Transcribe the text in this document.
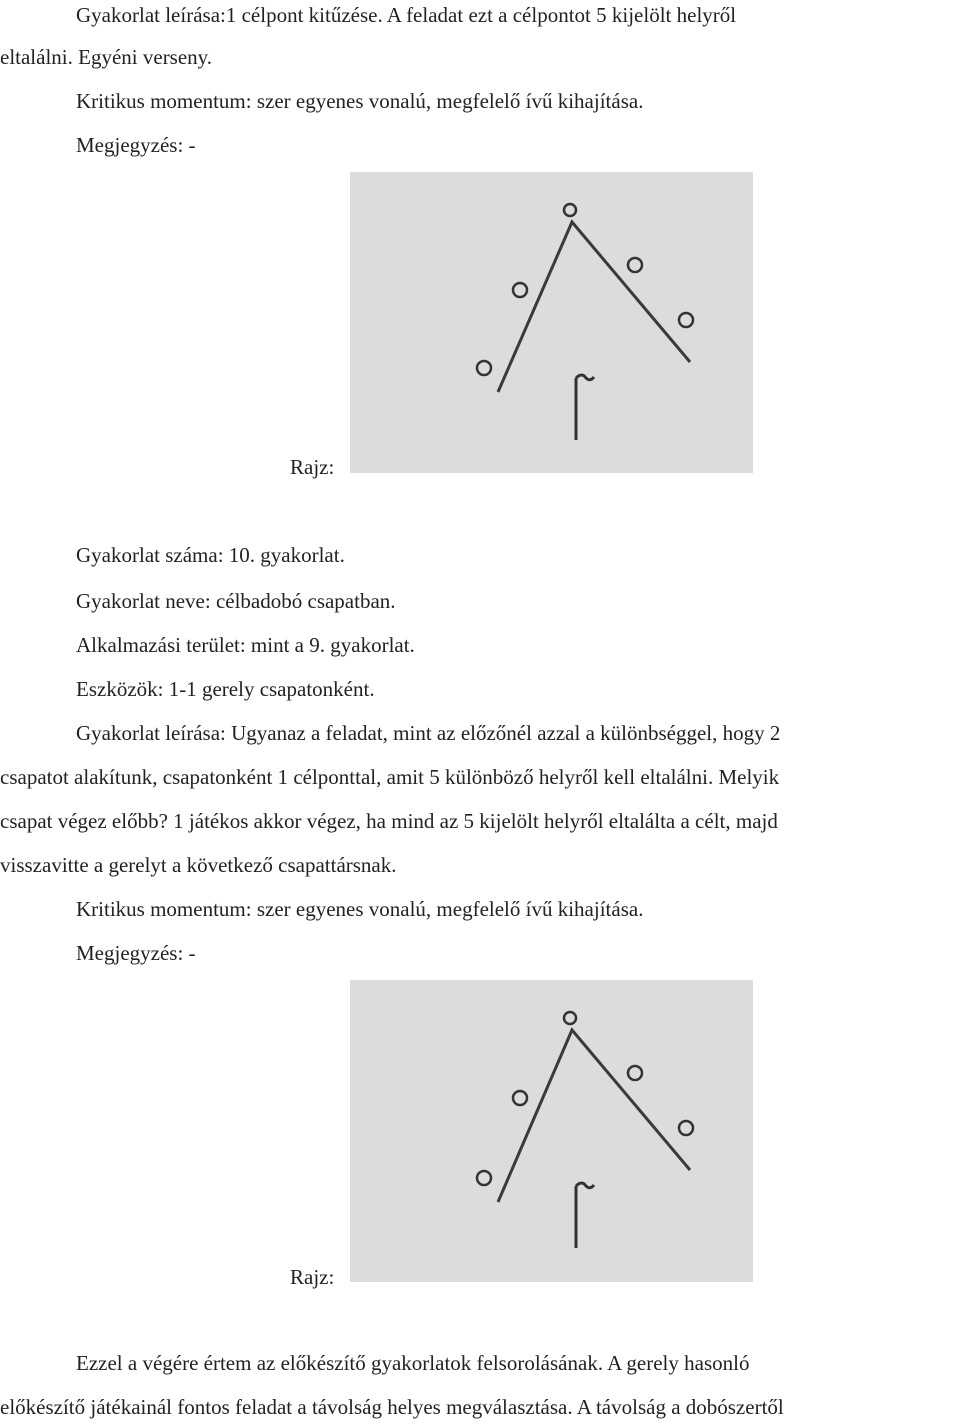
Gyakorlat leírása:1 célpont kitűzése. A feladat ezt a célpontot 5 kijelölt helyről
eltalálni. Egyéni verseny.
Kritikus momentum: szer egyenes vonalú, megfelelő ívű kihajítása.
Megjegyzés: -
Rajz:
Gyakorlat száma: 10. gyakorlat.
Gyakorlat neve: célbadobó csapatban.
Alkalmazási terület: mint a 9. gyakorlat.
Eszközök: 1-1 gerely csapatonként.
Gyakorlat leírása: Ugyanaz a feladat, mint az előzőnél azzal a különbséggel, hogy 2
csapatot alakítunk, csapatonként 1 célponttal, amit 5 különböző helyről kell eltalálni. Melyik
csapat végez előbb? 1 játékos akkor végez, ha mind az 5 kijelölt helyről eltalálta a célt, majd
visszavitte a gerelyt a következő csapattársnak.
Kritikus momentum: szer egyenes vonalú, megfelelő ívű kihajítása.
Megjegyzés: -
Rajz:
Ezzel a végére értem az előkészítő gyakorlatok felsorolásának. A gerely hasonló
előkészítő játékainál fontos feladat a távolság helyes megválasztása. A távolság a dobószertől
